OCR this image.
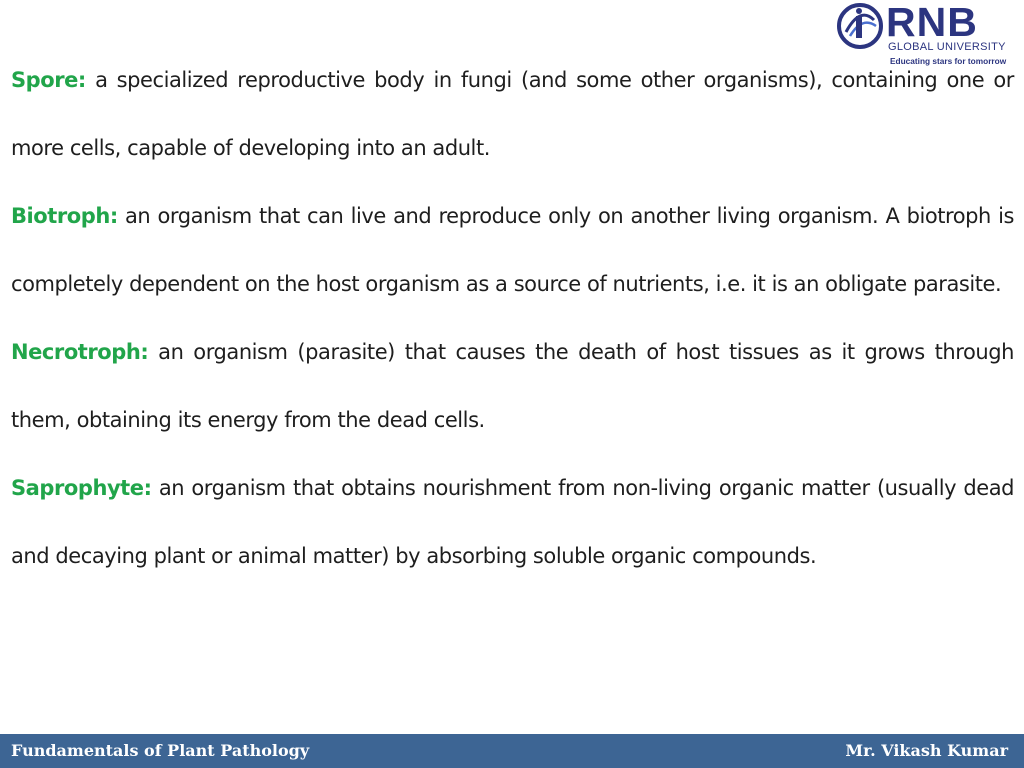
RNB
GLOBAL UNIVERSITY
Educating stars for tomorrow

Spore: a specialized reproductive body in fungi (and some other organisms), containing one or more cells, capable of developing into an adult.

Biotroph: an organism that can live and reproduce only on another living organism. A biotroph is completely dependent on the host organism as a source of nutrients, i.e. it is an obligate parasite.

Necrotroph: an organism (parasite) that causes the death of host tissues as it grows through them, obtaining its energy from the dead cells.

Saprophyte: an organism that obtains nourishment from non-living organic matter (usually dead and decaying plant or animal matter) by absorbing soluble organic compounds.

Fundamentals of Plant Pathology	Mr. Vikash Kumar
